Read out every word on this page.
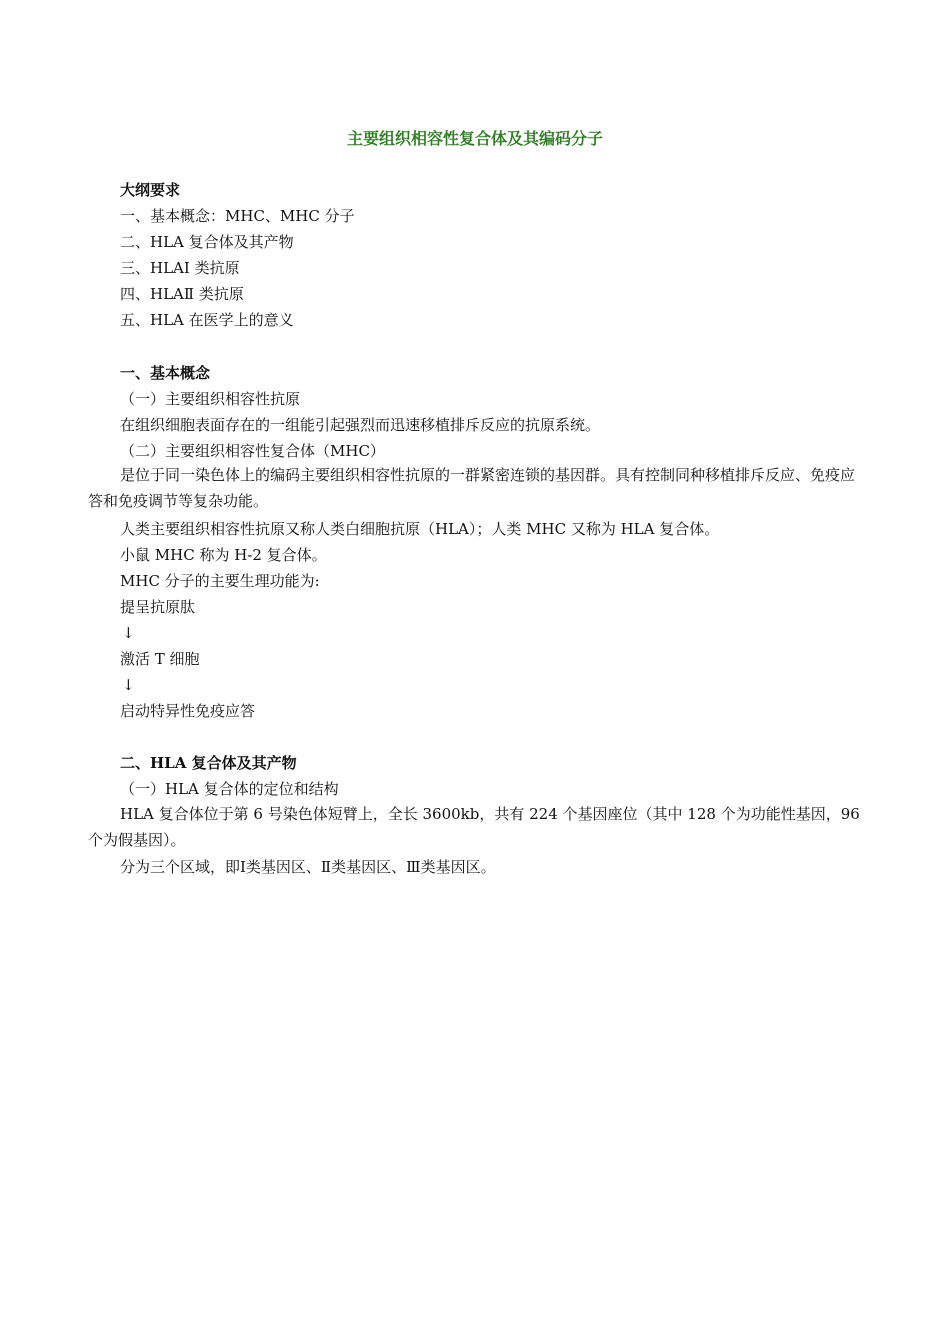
主要组织相容性复合体及其编码分子

大纲要求

一、基本概念：MHC、MHC 分子

二、HLA 复合体及其产物

三、HLAⅠ 类抗原

四、HLAⅡ 类抗原

五、HLA 在医学上的意义

一、基本概念

（一）主要组织相容性抗原

在组织细胞表面存在的一组能引起强烈而迅速移植排斥反应的抗原系统。

（二）主要组织相容性复合体（MHC）

是位于同一染色体上的编码主要组织相容性抗原的一群紧密连锁的基因群。具有控制同种移植排斥反应、免疫应答和免疫调节等复杂功能。

人类主要组织相容性抗原又称人类白细胞抗原（HLA）；人类 MHC 又称为 HLA 复合体。

小鼠 MHC 称为 H-2 复合体。

MHC 分子的主要生理功能为:

提呈抗原肽

↓

激活 T 细胞

↓

启动特异性免疫应答

二、HLA 复合体及其产物

（一）HLA 复合体的定位和结构

HLA 复合体位于第 6 号染色体短臂上，全长 3600kb，共有 224 个基因座位（其中 128 个为功能性基因，96 个为假基因）。

分为三个区域，即Ⅰ类基因区、Ⅱ类基因区、Ⅲ类基因区。
